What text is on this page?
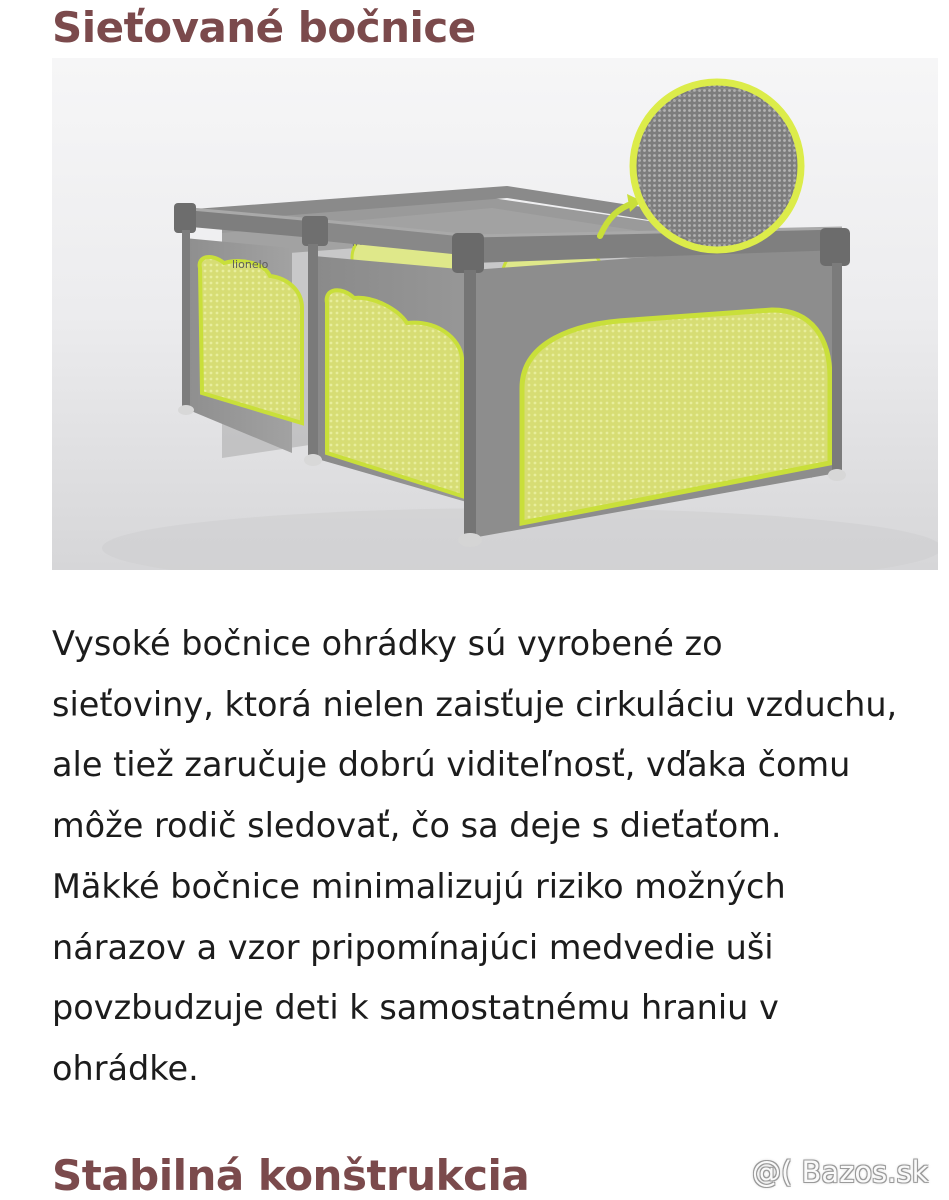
Sieťované bočnice
lionelo

Vysoké bočnice ohrádky sú vyrobené zo
sieťoviny, ktorá nielen zaisťuje cirkuláciu vzduchu,
ale tiež zaručuje dobrú viditeľnosť, vďaka čomu
môže rodič sledovať, čo sa deje s dieťaťom.
Mäkké bočnice minimalizujú riziko možných
nárazov a vzor pripomínajúci medvedie uši
povzbudzuje deti k samostatnému hraniu v
ohrádke.

Stabilná konštrukcia	@( Bazos.sk
